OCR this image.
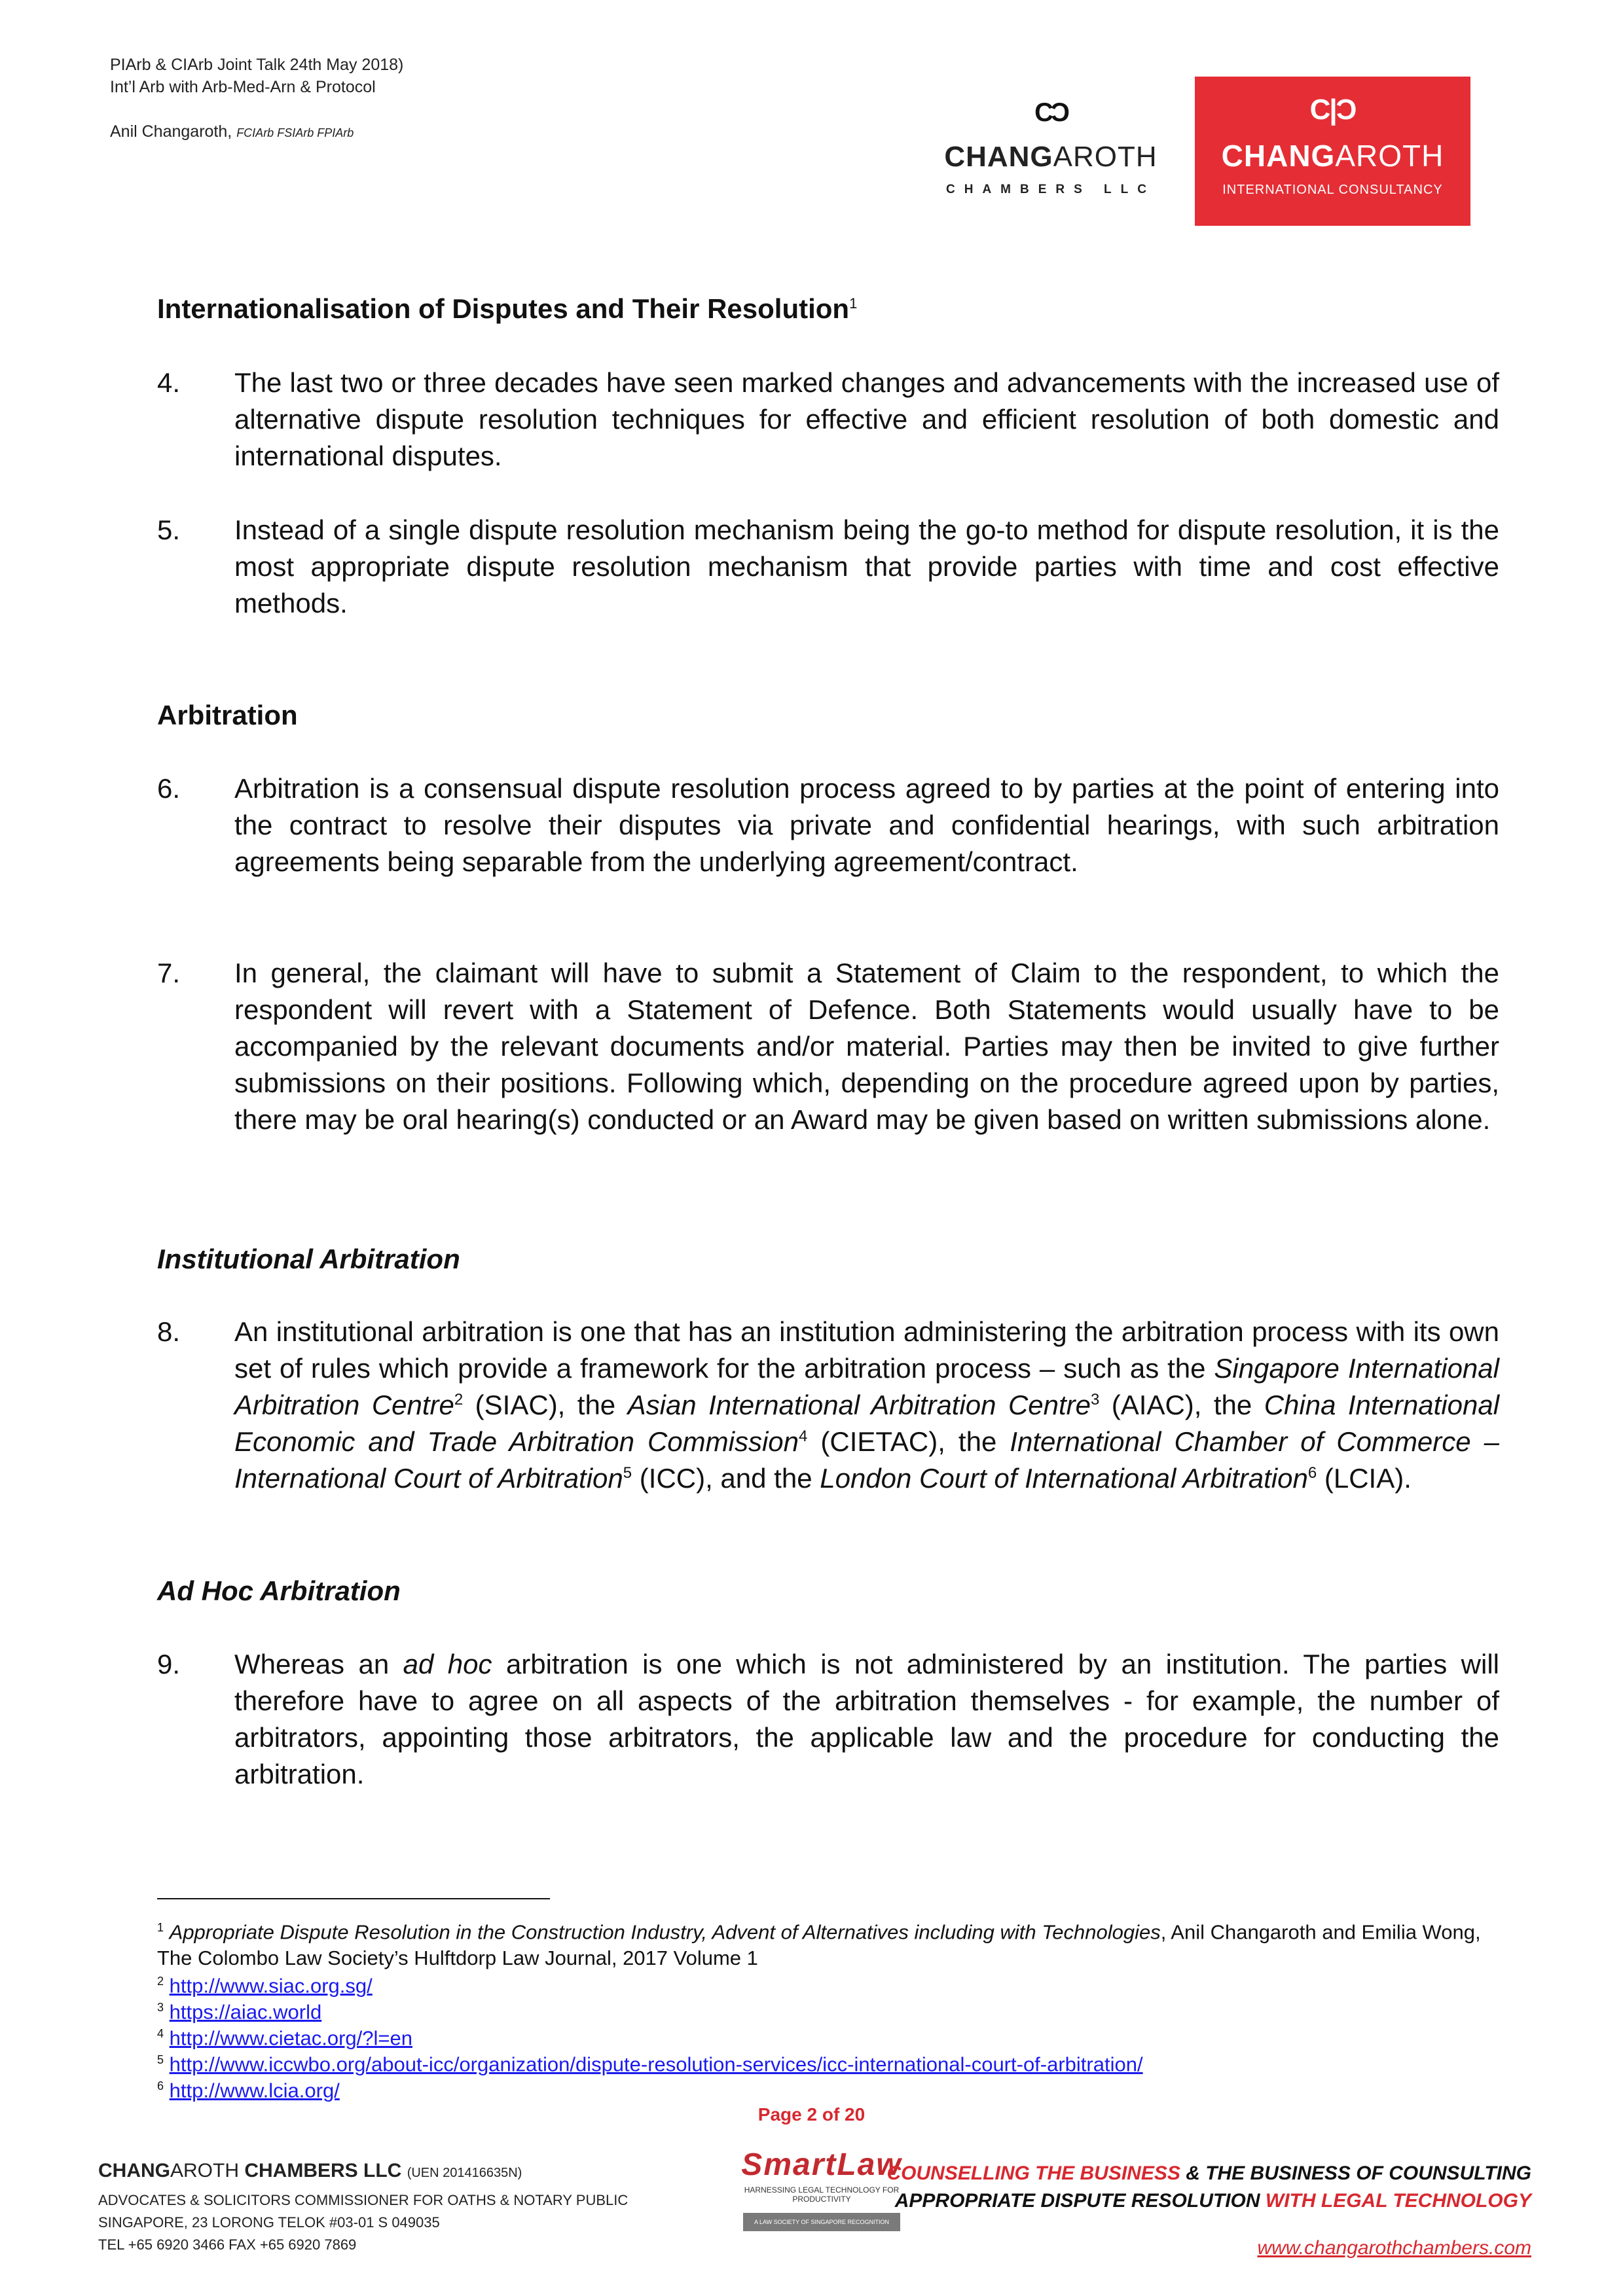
PIArb & CIArb Joint Talk 24th May 2018)
Int’l Arb with Arb-Med-Arn & Protocol
Anil Changaroth, FCIArb FSIArb FPIArb
CƆ
CHANGAROTH
CHAMBERS LLC
C|Ɔ
CHANGAROTH
INTERNATIONAL CONSULTANCY
Internationalisation of Disputes and Their Resolution$^1$
4.	The last two or three decades have seen marked changes and advancements with the increased use of alternative dispute resolution techniques for effective and efficient resolution of both domestic and international disputes.
5.	Instead of a single dispute resolution mechanism being the go-to method for dispute resolution, it is the most appropriate dispute resolution mechanism that provide parties with time and cost effective methods.
Arbitration
6.	Arbitration is a consensual dispute resolution process agreed to by parties at the point of entering into the contract to resolve their disputes via private and confidential hearings, with such arbitration agreements being separable from the underlying agreement/contract.
7.	In general, the claimant will have to submit a Statement of Claim to the respondent, to which the respondent will revert with a Statement of Defence. Both Statements would usually have to be accompanied by the relevant documents and/or material. Parties may then be invited to give further submissions on their positions. Following which, depending on the procedure agreed upon by parties, there may be oral hearing(s) conducted or an Award may be given based on written submissions alone.
Institutional Arbitration
8.	An institutional arbitration is one that has an institution administering the arbitration process with its own set of rules which provide a framework for the arbitration process – such as the Singapore International Arbitration Centre$^2$ (SIAC), the Asian International Arbitration Centre$^3$ (AIAC), the China International Economic and Trade Arbitration Commission$^4$ (CIETAC), the International Chamber of Commerce – International Court of Arbitration$^5$ (ICC), and the London Court of International Arbitration$^6$ (LCIA).
Ad Hoc Arbitration
9.	Whereas an ad hoc arbitration is one which is not administered by an institution. The parties will therefore have to agree on all aspects of the arbitration themselves - for example, the number of arbitrators, appointing those arbitrators, the applicable law and the procedure for conducting the arbitration.
$^1$ Appropriate Dispute Resolution in the Construction Industry, Advent of Alternatives including with Technologies, Anil Changaroth and Emilia Wong, The Colombo Law Society’s Hulftdorp Law Journal, 2017 Volume 1
$^2$ http://www.siac.org.sg/
$^3$ https://aiac.world
$^4$ http://www.cietac.org/?l=en
$^5$ http://www.iccwbo.org/about-icc/organization/dispute-resolution-services/icc-international-court-of-arbitration/
$^6$ http://www.lcia.org/
Page 2 of 20
CHANGAROTH CHAMBERS LLC (UEN 201416635N)
ADVOCATES & SOLICITORS COMMISSIONER FOR OATHS & NOTARY PUBLIC
SINGAPORE, 23 LORONG TELOK #03-01 S 049035
TEL +65 6920 3466 FAX +65 6920 7869
SmartLaw
HARNESSING LEGAL TECHNOLOGY FOR PRODUCTIVITY
A LAW SOCIETY OF SINGAPORE RECOGNITION SCHEME
COUNSELLING THE BUSINESS & THE BUSINESS OF COUNSULTING
APPROPRIATE DISPUTE RESOLUTION WITH LEGAL TECHNOLOGY
www.changarothchambers.com
